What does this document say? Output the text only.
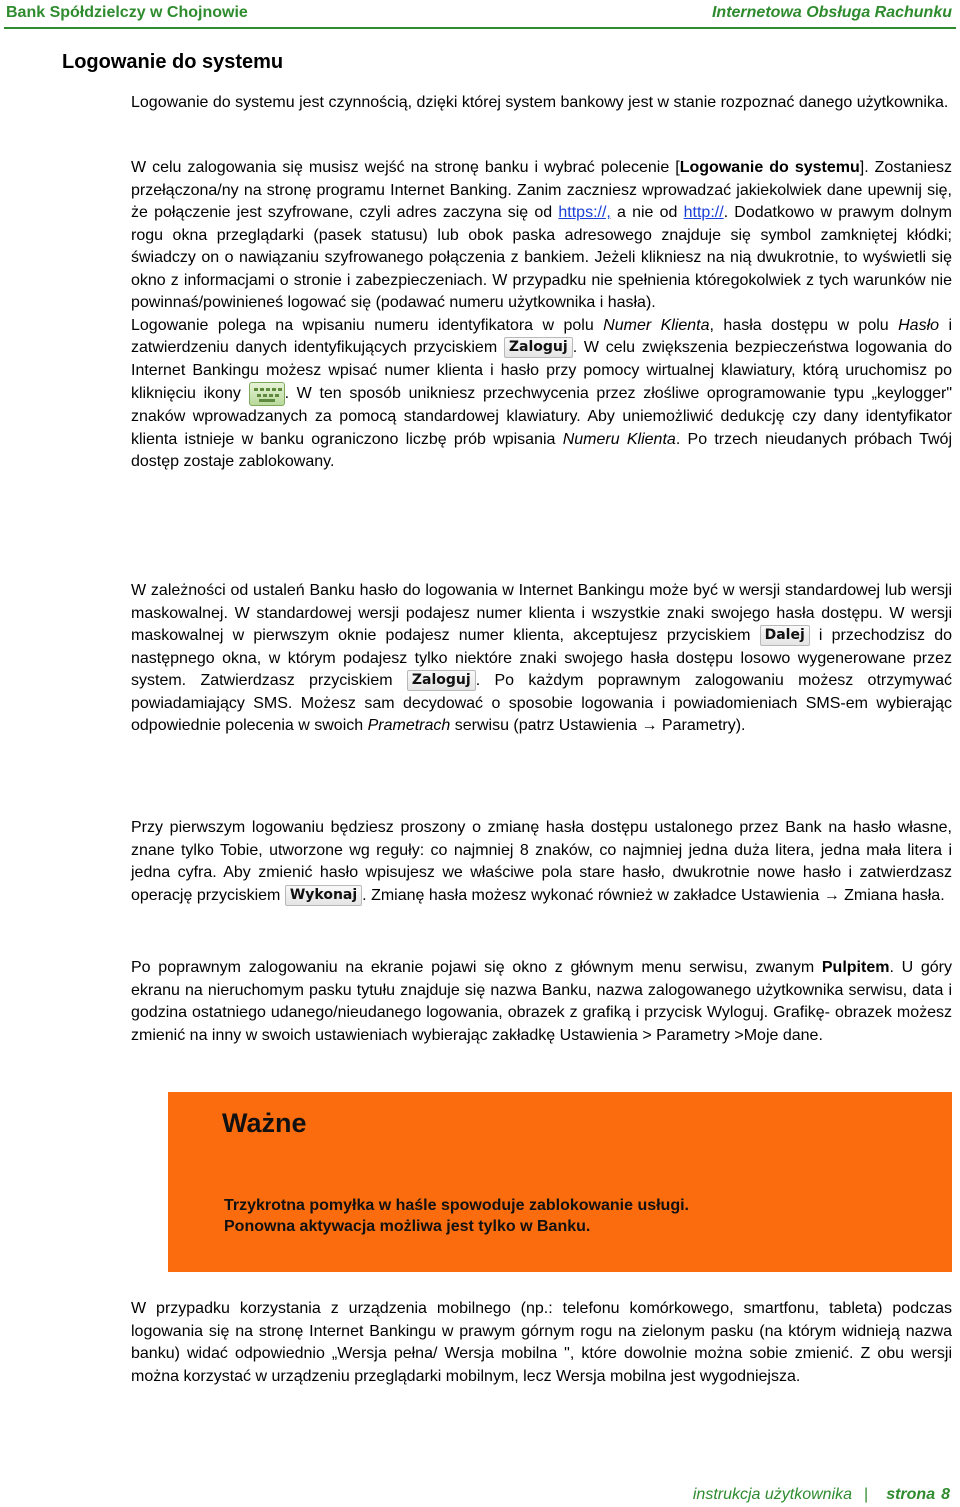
Bank Spółdzielczy w Chojnowie	Internetowa Obsługa Rachunku
Logowanie do systemu

Logowanie do systemu jest czynnością, dzięki której system bankowy jest w stanie rozpoznać danego użytkownika.

W celu zalogowania się musisz wejść na stronę banku i wybrać polecenie [Logowanie do systemu]. Zostaniesz przełączona/ny na stronę programu Internet Banking. Zanim zaczniesz wprowadzać jakiekolwiek dane upewnij się, że połączenie jest szyfrowane, czyli adres zaczyna się od https://, a nie od http://. Dodatkowo w prawym dolnym rogu okna przeglądarki (pasek statusu) lub obok paska adresowego znajduje się symbol zamkniętej kłódki; świadczy on o nawiązaniu szyfrowanego połączenia z bankiem. Jeżeli klikniesz na nią dwukrotnie, to wyświetli się okno z informacjami o stronie i zabezpieczeniach. W przypadku nie spełnienia któregokolwiek z tych warunków nie powinnaś/powinieneś logować się (podawać numeru użytkownika i hasła).

Logowanie polega na wpisaniu numeru identyfikatora w polu Numer Klienta, hasła dostępu w polu Hasło i zatwierdzeniu danych identyfikujących przyciskiem Zaloguj . W celu zwiększenia bezpieczeństwa logowania do Internet Bankingu możesz wpisać numer klienta i hasło przy pomocy wirtualnej klawiatury, którą uruchomisz po kliknięciu ikony
. W ten sposób unikniesz przechwycenia przez złośliwe oprogramowanie typu „keylogger" znaków wprowadzanych za pomocą standardowej klawiatury. Aby uniemożliwić dedukcję czy dany identyfikator klienta istnieje w banku ograniczono liczbę prób wpisania Numeru Klienta. Po trzech nieudanych próbach Twój dostęp zostaje zablokowany.

W zależności od ustaleń Banku hasło do logowania w Internet Bankingu może być w wersji standardowej lub wersji maskowalnej. W standardowej wersji podajesz numer klienta i wszystkie znaki swojego hasła dostępu. W wersji maskowalnej w pierwszym oknie podajesz numer klienta, akceptujesz przyciskiem Dalej i przechodzisz do następnego okna, w którym podajesz tylko niektóre znaki swojego hasła dostępu losowo wygenerowane przez system. Zatwierdzasz przyciskiem Zaloguj . Po każdym poprawnym zalogowaniu możesz otrzymywać powiadamiający SMS. Możesz sam decydować o sposobie logowania i powiadomieniach SMS-em wybierając odpowiednie polecenia w swoich Prametrach serwisu (patrz Ustawienia → Parametry).

Przy pierwszym logowaniu będziesz proszony o zmianę hasła dostępu ustalonego przez Bank na hasło własne, znane tylko Tobie, utworzone wg reguły: co najmniej 8 znaków, co najmniej jedna duża litera, jedna mała litera i jedna cyfra. Aby zmienić hasło wpisujesz we właściwe pola stare hasło, dwukrotnie nowe hasło i zatwierdzasz operację przyciskiem Wykonaj . Zmianę hasła możesz wykonać również w zakładce Ustawienia → Zmiana hasła.

Po poprawnym zalogowaniu na ekranie pojawi się okno z głównym menu serwisu, zwanym Pulpitem. U góry ekranu na nieruchomym pasku tytułu znajduje się nazwa Banku, nazwa zalogowanego użytkownika serwisu, data i godzina ostatniego udanego/nieudanego logowania, obrazek z grafiką i przycisk Wyloguj. Grafikę- obrazek możesz zmienić na inny w swoich ustawieniach wybierając zakładkę Ustawienia > Parametry >Moje dane.

Ważne
Trzykrotna pomyłka w haśle spowoduje zablokowanie usługi.
Ponowna aktywacja możliwa jest tylko w Banku.

W przypadku korzystania z urządzenia mobilnego (np.: telefonu komórkowego, smartfonu, tableta) podczas logowania się na stronę Internet Bankingu w prawym górnym rogu na zielonym pasku (na którym widnieją nazwa banku) widać odpowiednio „Wersja pełna/ Wersja mobilna ", które dowolnie można sobie zmienić. Z obu wersji można korzystać w urządzeniu przeglądarki mobilnym, lecz Wersja mobilna jest wygodniejsza.

instrukcja użytkownika | strona 8
